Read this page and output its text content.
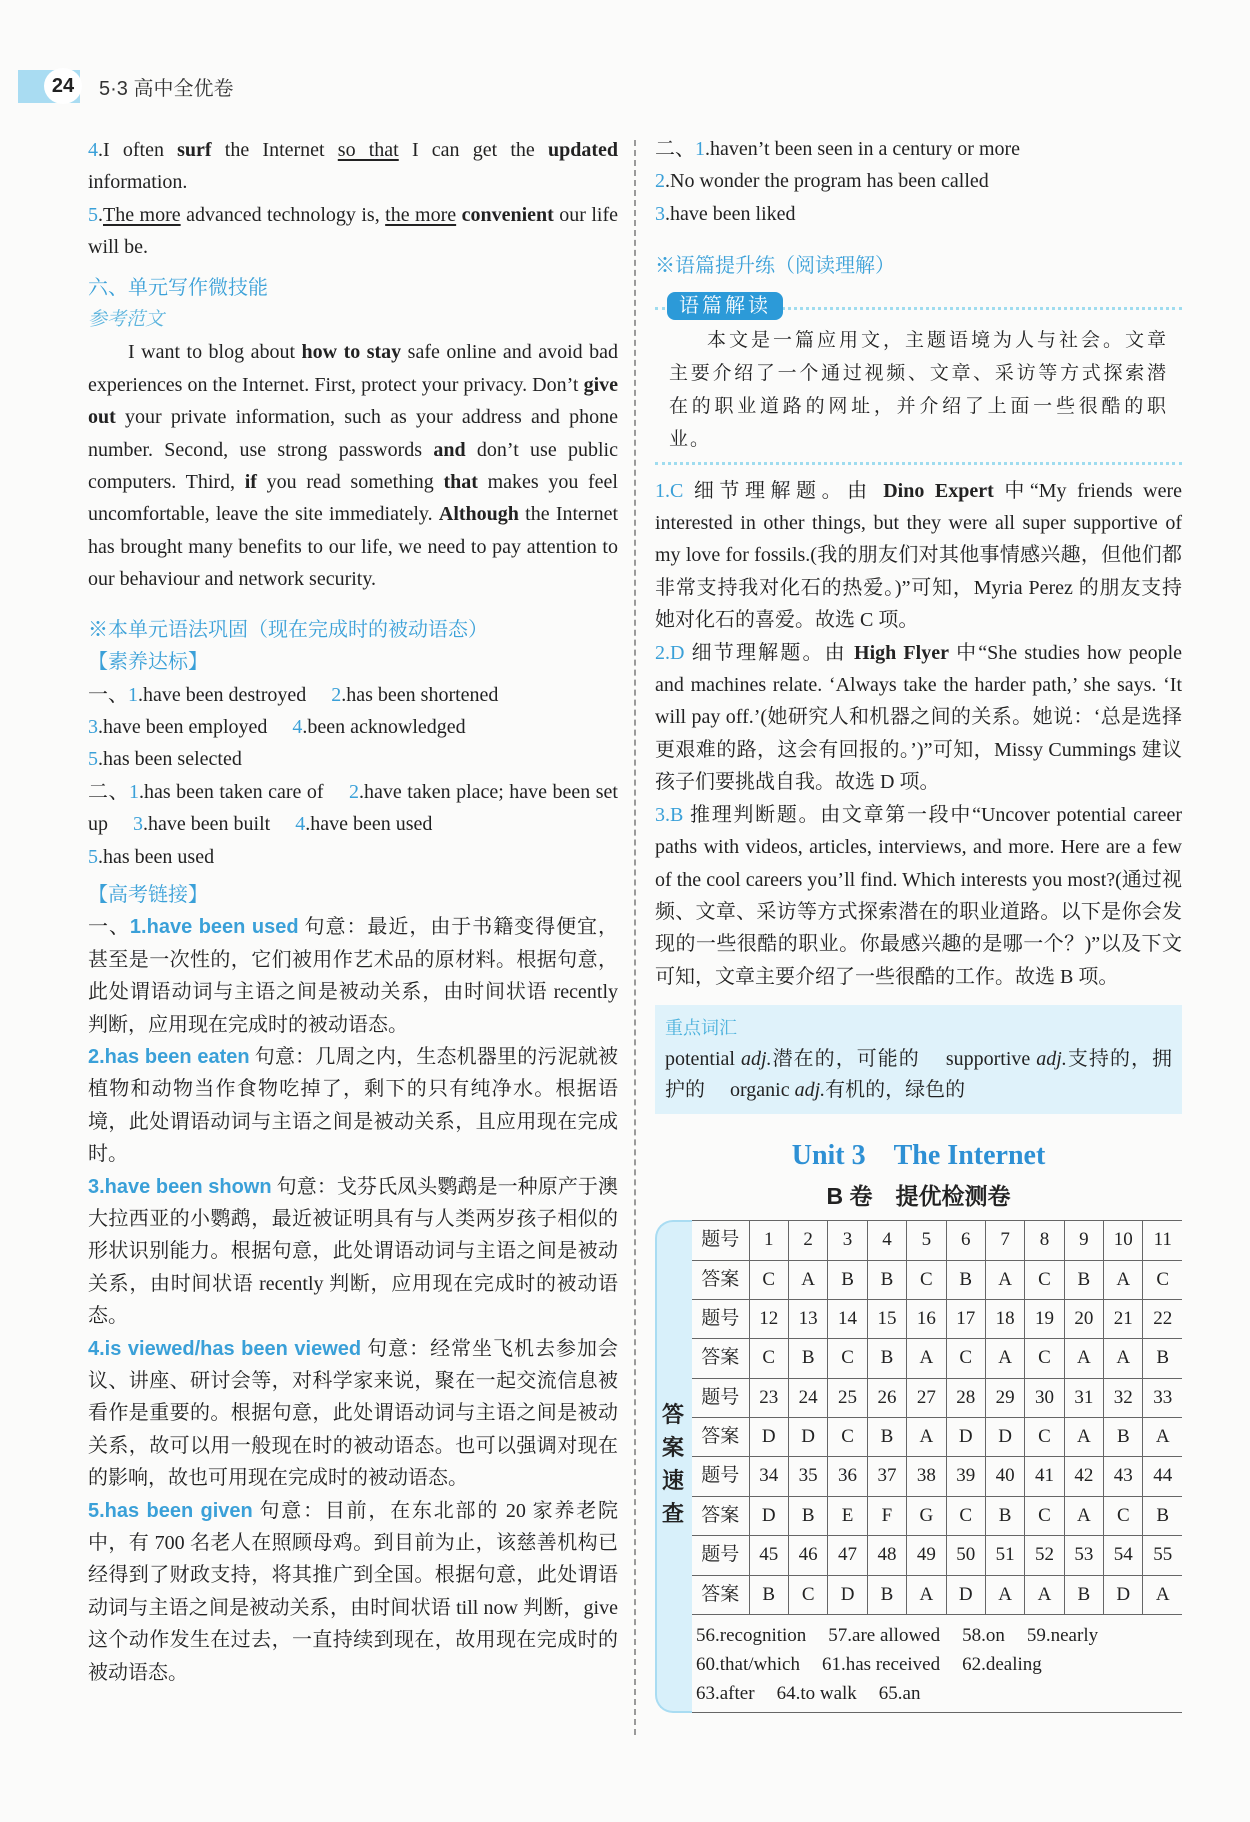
24	5·3 高中全优卷

4.I often surf the Internet so that I can get the updated information.

5.The more advanced technology is, the more convenient our life will be.

六、单元写作微技能

参考范文

I want to blog about how to stay safe online and avoid bad experiences on the Internet. First, protect your privacy. Don’t give out your private information, such as your address and phone number. Second, use strong passwords and don’t use public computers. Third, if you read something that makes you feel uncomfortable, leave the site immediately. Although the Internet has brought many benefits to our life, we need to pay attention to our behaviour and network security.

※本单元语法巩固（现在完成时的被动语态）

【素养达标】

一、1.have been destroyed  2.has been shortened

3.have been employed  4.been acknowledged

5.has been selected

二、1.has been taken care of  2.have taken place; have been set up  3.have been built  4.have been used

5.has been used

【高考链接】

一、1.have been used 句意：最近，由于书籍变得便宜，甚至是一次性的，它们被用作艺术品的原材料。根据句意，此处谓语动词与主语之间是被动关系，由时间状语 recently 判断，应用现在完成时的被动语态。

2.has been eaten 句意：几周之内，生态机器里的污泥就被植物和动物当作食物吃掉了，剩下的只有纯净水。根据语境，此处谓语动词与主语之间是被动关系，且应用现在完成时。

3.have been shown 句意：戈芬氏凤头鹦鹉是一种原产于澳大拉西亚的小鹦鹉，最近被证明具有与人类两岁孩子相似的形状识别能力。根据句意，此处谓语动词与主语之间是被动关系，由时间状语 recently 判断，应用现在完成时的被动语态。

4.is viewed/has been viewed 句意：经常坐飞机去参加会议、讲座、研讨会等，对科学家来说，聚在一起交流信息被看作是重要的。根据句意，此处谓语动词与主语之间是被动关系，故可以用一般现在时的被动语态。也可以强调对现在的影响，故也可用现在完成时的被动语态。

5.has been given 句意：目前，在东北部的 20 家养老院中，有 700 名老人在照顾母鸡。到目前为止，该慈善机构已经得到了财政支持，将其推广到全国。根据句意，此处谓语动词与主语之间是被动关系，由时间状语 till now 判断，give 这个动作发生在过去，一直持续到现在，故用现在完成时的被动语态。

二、1.haven’t been seen in a century or more

2.No wonder the program has been called

3.have been liked

※语篇提升练（阅读理解）

语篇解读
本文是一篇应用文，主题语境为人与社会。文章主要介绍了一个通过视频、文章、采访等方式探索潜在的职业道路的网址，并介绍了上面一些很酷的职业。

1.C 细节理解题。由 Dino Expert 中“My friends were interested in other things, but they were all super supportive of my love for fossils.(我的朋友们对其他事情感兴趣，但他们都非常支持我对化石的热爱。)”可知，Myria Perez 的朋友支持她对化石的喜爱。故选 C 项。

2.D 细节理解题。由 High Flyer 中“She studies how people and machines relate. ‘Always take the harder path,’ she says. ‘It will pay off.’(她研究人和机器之间的关系。她说：‘总是选择更艰难的路，这会有回报的。’)”可知，Missy Cummings 建议孩子们要挑战自我。故选 D 项。

3.B 推理判断题。由文章第一段中“Uncover potential career paths with videos, articles, interviews, and more. Here are a few of the cool careers you’ll find. Which interests you most?(通过视频、文章、采访等方式探索潜在的职业道路。以下是你会发现的一些很酷的职业。你最感兴趣的是哪一个？)”以及下文可知，文章主要介绍了一些很酷的工作。故选 B 项。

重点词汇
potential adj.潜在的，可能的  supportive adj.支持的，拥护的  organic adj.有机的，绿色的
Unit 3 The Internet
B 卷 提优检测卷
答案速查
题号	1	2	3	4	5	6	7	8	9	10	11
答案	C	A	B	B	C	B	A	C	B	A	C
题号	12	13	14	15	16	17	18	19	20	21	22
答案	C	B	C	B	A	C	A	C	A	A	B
题号	23	24	25	26	27	28	29	30	31	32	33
答案	D	D	C	B	A	D	D	C	A	B	A
题号	34	35	36	37	38	39	40	41	42	43	44
答案	D	B	E	F	G	C	B	C	A	C	B
题号	45	46	47	48	49	50	51	52	53	54	55
答案	B	C	D	B	A	D	A	A	B	D	A
56.recognition 57.are allowed 58.on 59.nearly
60.that/which 61.has received 62.dealing
63.after 64.to walk 65.an
